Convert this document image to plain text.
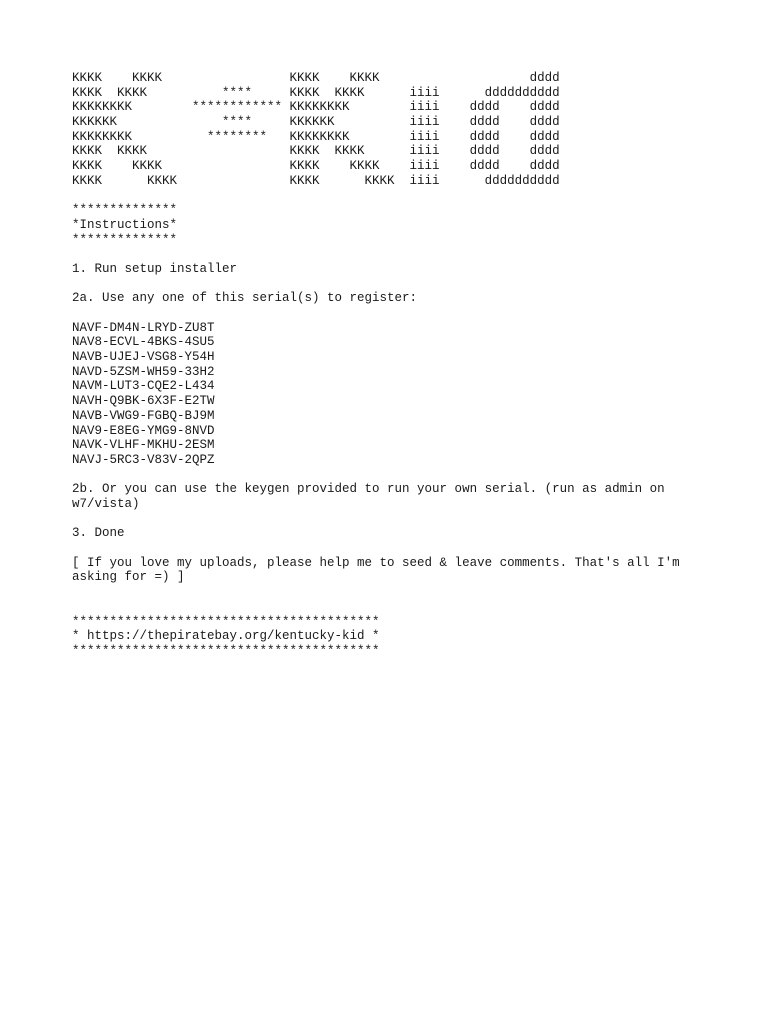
KKKK    KKKK                 KKKK    KKKK                    dddd
KKKK  KKKK          ****     KKKK  KKKK      iiii      dddddddddd
KKKKKKKK        ************ KKKKKKKK        iiii    dddd    dddd
KKKKKK              ****     KKKKKK          iiii    dddd    dddd
KKKKKKKK          ********   KKKKKKKK        iiii    dddd    dddd
KKKK  KKKK                   KKKK  KKKK      iiii    dddd    dddd
KKKK    KKKK                 KKKK    KKKK    iiii    dddd    dddd
KKKK      KKKK               KKKK      KKKK  iiii      dddddddddd
**************
*Instructions*
**************
1. Run setup installer
2a. Use any one of this serial(s) to register:
NAVF-DM4N-LRYD-ZU8T
NAV8-ECVL-4BKS-4SU5
NAVB-UJEJ-VSG8-Y54H
NAVD-5ZSM-WH59-33H2
NAVM-LUT3-CQE2-L434
NAVH-Q9BK-6X3F-E2TW
NAVB-VWG9-FGBQ-BJ9M
NAV9-E8EG-YMG9-8NVD
NAVK-VLHF-MKHU-2ESM
NAVJ-5RC3-V83V-2QPZ
2b. Or you can use the keygen provided to run your own serial. (run as admin on w7/vista)
3. Done
[ If you love my uploads, please help me to seed & leave comments. That's all I'm asking for =) ]
*****************************************
* https://thepiratebay.org/kentucky-kid *
*****************************************
